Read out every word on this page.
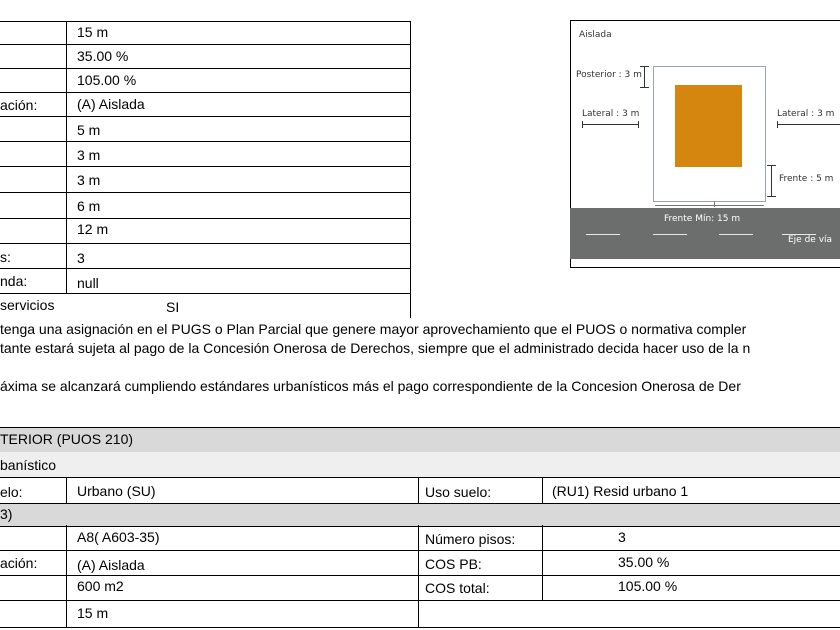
15 m
35.00 %
105.00 %
ación:	(A) Aislada
5 m
3 m
3 m
6 m
12 m
s:	3
nda:	null
servicios	SI
Aislada
Posterior : 3 m
Lateral : 3 m	Lateral : 3 m
Frente : 5 m
Frente Mín: 15 m
Eje de vía
tenga una asignación en el PUGS o Plan Parcial que genere mayor aprovechamiento que el PUOS o normativa compler
tante estará sujeta al pago de la Concesión Onerosa de Derechos, siempre que el administrado decida hacer uso de la n
áxima se alcanzará cumpliendo estándares urbanísticos más el pago correspondiente de la Concesion Onerosa de Der
TERIOR (PUOS 210)
banístico
elo:	Urbano (SU)	Uso suelo:	(RU1) Resid urbano 1
3)
A8( A603-35)	Número pisos:	3
ación:	(A) Aislada	COS PB:	35.00 %
600 m2	COS total:	105.00 %
15 m
